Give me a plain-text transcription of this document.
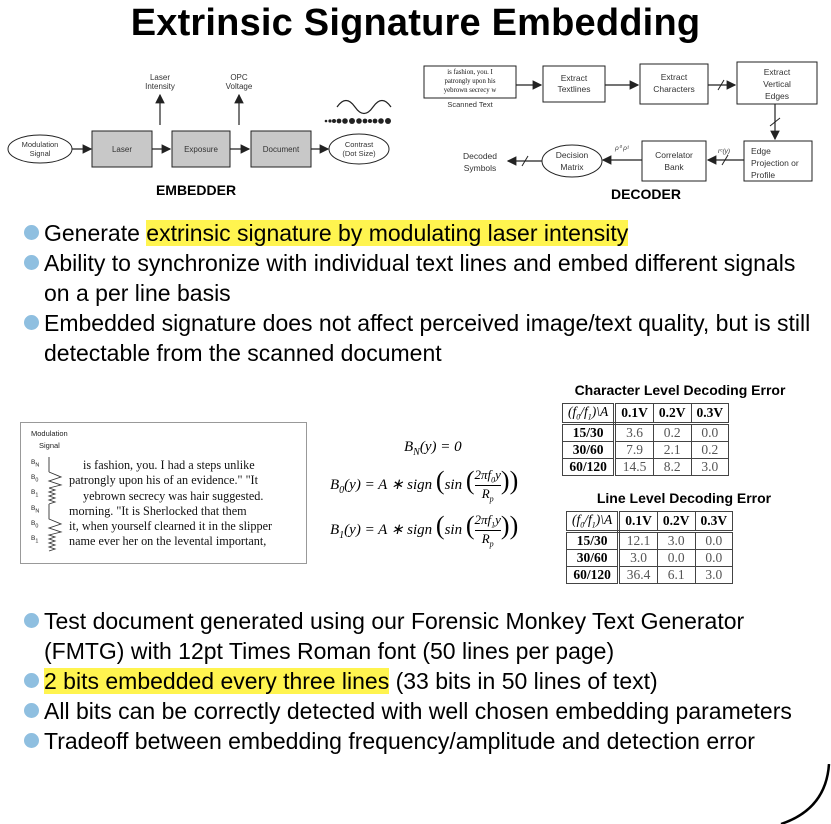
Extrinsic Signature Embedding
Laser
Intensity
OPC
Voltage
Modulation
Signal	Laser	Exposure	Document
Contrast
(Dot Size)
is fashion, you. I
patrongly upon his
yebrown secrecy w
Scanned Text
Extract
Textlines
Extract
Characters
Extract
Vertical
Edges
Edge
Projection or
Profile
rᶜ(y)
Correlator
Bank
ρ⁰ ρ¹
Decision
Matrix
Decoded
Symbols
EMBEDDER	DECODER
Generate extrinsic signature by modulating laser intensity
Ability to synchronize with individual text lines and embed different signals on a per line basis
Embedded signature does not affect perceived image/text quality, but is still detectable from the scanned document
Modulation
Signal
$B_N$
$B_0$
$B_1$
$B_N$
$B_0$
$B_1$
is fashion, you. I had a steps unlike
patrongly upon his of an evidence." "It
yebrown secrecy was hair suggested.
morning. "It is Sherlocked that them
it, when yourself clearned it in the slipper
name ever her on the levental important,
$B_N(y) = 0$
$B_0(y) = A$ ∗ sign (sin ( $\frac{2\pi f_0y}{R_p}$ ))
$B_1(y) = A$ ∗ sign (sin ( $\frac{2\pi f_1y}{R_p}$ ))
Character Level Decoding Error
$(f_0/f_1)\backslash A$	0.1V	0.2V	0.3V
15/30	3.6	0.2	0.0
30/60	7.9	2.1	0.2
60/120	14.5	8.2	3.0
Line Level Decoding Error
$(f_0/f_1)\backslash A$	0.1V	0.2V	0.3V
15/30	12.1	3.0	0.0
30/60	3.0	0.0	0.0
60/120	36.4	6.1	3.0
Test document generated using our Forensic Monkey Text Generator (FMTG) with 12pt Times Roman font (50 lines per page)
2 bits embedded every three lines (33 bits in 50 lines of text)
All bits can be correctly detected with well chosen embedding parameters
Tradeoff between embedding frequency/amplitude and detection error
